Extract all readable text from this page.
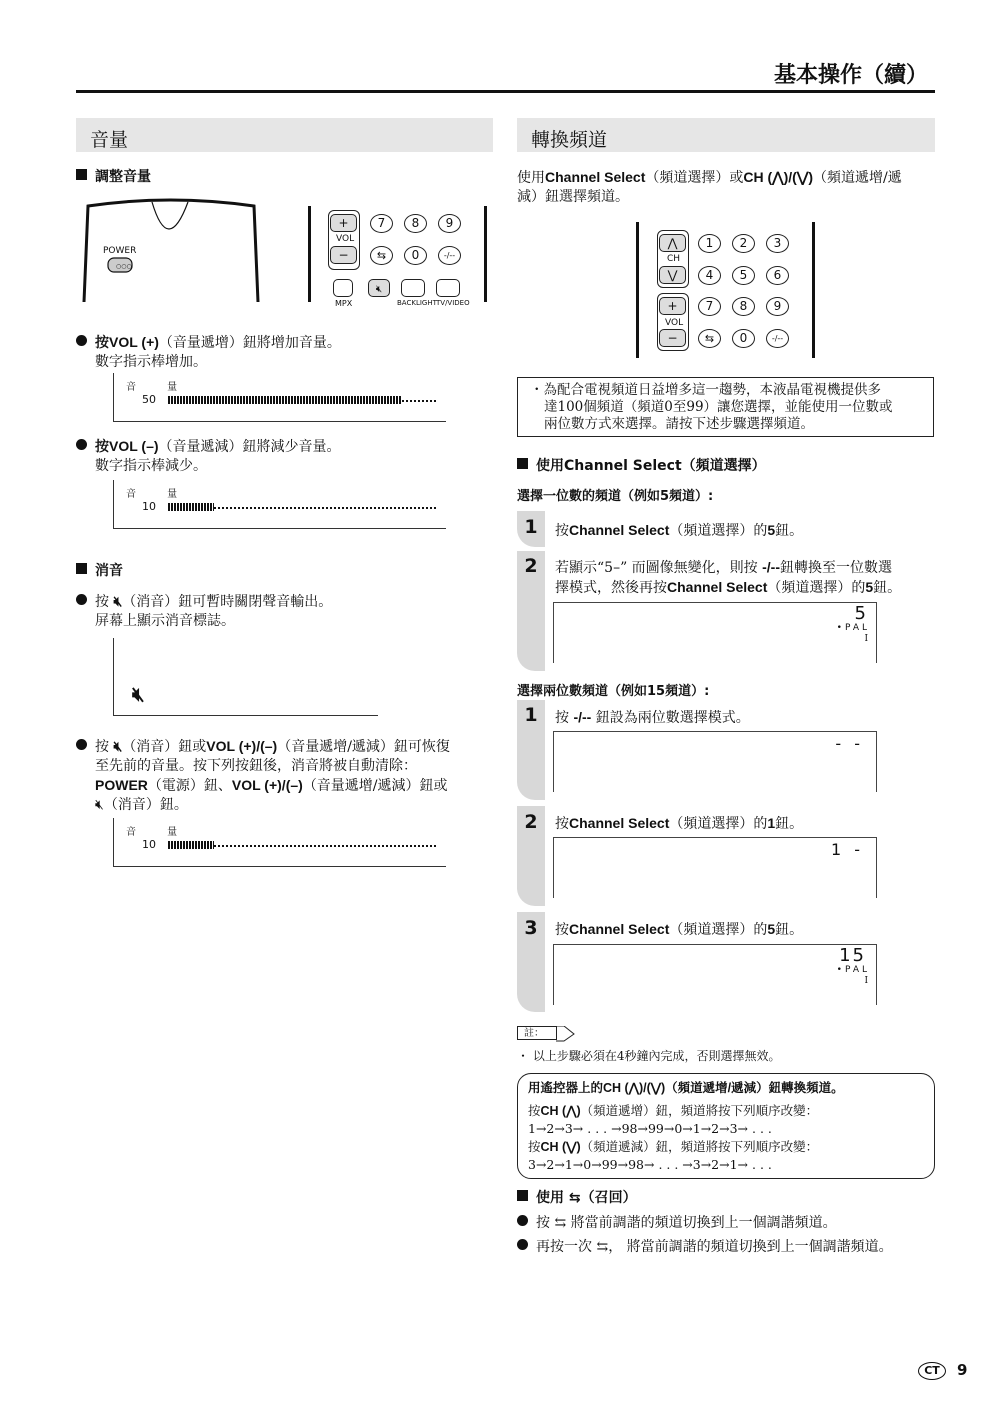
基本操作（續）
音量
調整音量
○○○
POWER
+
VOL
−
7	8	9
⇆	0	-/--
🔇︎
MPX	BACKLIGHT TV/VIDEO
按VOL (+)（音量遞增）鈕將增加音量。
數字指示棒增加。
音 量
50
按VOL (–)（音量遞減）鈕將減少音量。
數字指示棒減少。
音 量
10
消音
按 🔇︎（消音）鈕可暫時關閉聲音輸出。
屏幕上顯示消音標誌。
🔇︎
按 🔇︎（消音）鈕或VOL (+)/(–)（音量遞增/遞減）鈕可恢復
至先前的音量。按下列按鈕後，消音將被自動清除：
POWER（電源）鈕、VOL (+)/(–)（音量遞增/遞減）鈕或
🔇︎（消音）鈕。
音 量
10
轉換頻道
使用Channel Select（頻道選擇）或CH (⋀)/(⋁)（頻道遞增/遞
減）鈕選擇頻道。
⋀
CH
⋁
1	2	3
4	5	6
+
VOL
−
7	8	9
⇆	0	-/--
・為配合電視頻道日益增多這一趨勢，本液晶電視機提供多
達100個頻道（頻道0至99）讓您選擇，並能使用一位數或
兩位數方式來選擇。請按下述步驟選擇頻道。
使用Channel Select（頻道選擇）
選擇一位數的頻道（例如5頻道）:
1	按Channel Select（頻道選擇）的5鈕。
2	若顯示“5–” 而圖像無變化，則按 -/--鈕轉換至一位數選
擇模式，然後再按Channel Select（頻道選擇）的5鈕。
5
•PAL
I
選擇兩位數頻道（例如15頻道）:
1	按 -/-- 鈕設為兩位數選擇模式。
- -
2	按Channel Select（頻道選擇）的1鈕。
1 -
3	按Channel Select（頻道選擇）的5鈕。
15
•PAL
I
註：
・ 以上步驟必須在4秒鐘內完成，否則選擇無效。
用遙控器上的CH (⋀)/(⋁)（頻道遞增/遞減）鈕轉換頻道。
按CH (⋀)（頻道遞增）鈕，頻道將按下列順序改變：
1→2→3→ . . . →98→99→0→1→2→3→ . . .
按CH (⋁)（頻道遞減）鈕，頻道將按下列順序改變：
3→2→1→0→99→98→ . . . →3→2→1→ . . .
使用 ⇆（召回）
按 ⇆ 將當前調諧的頻道切換到上一個調諧頻道。
再按一次 ⇆， 將當前調諧的頻道切換到上一個調諧頻道。
CT	9
